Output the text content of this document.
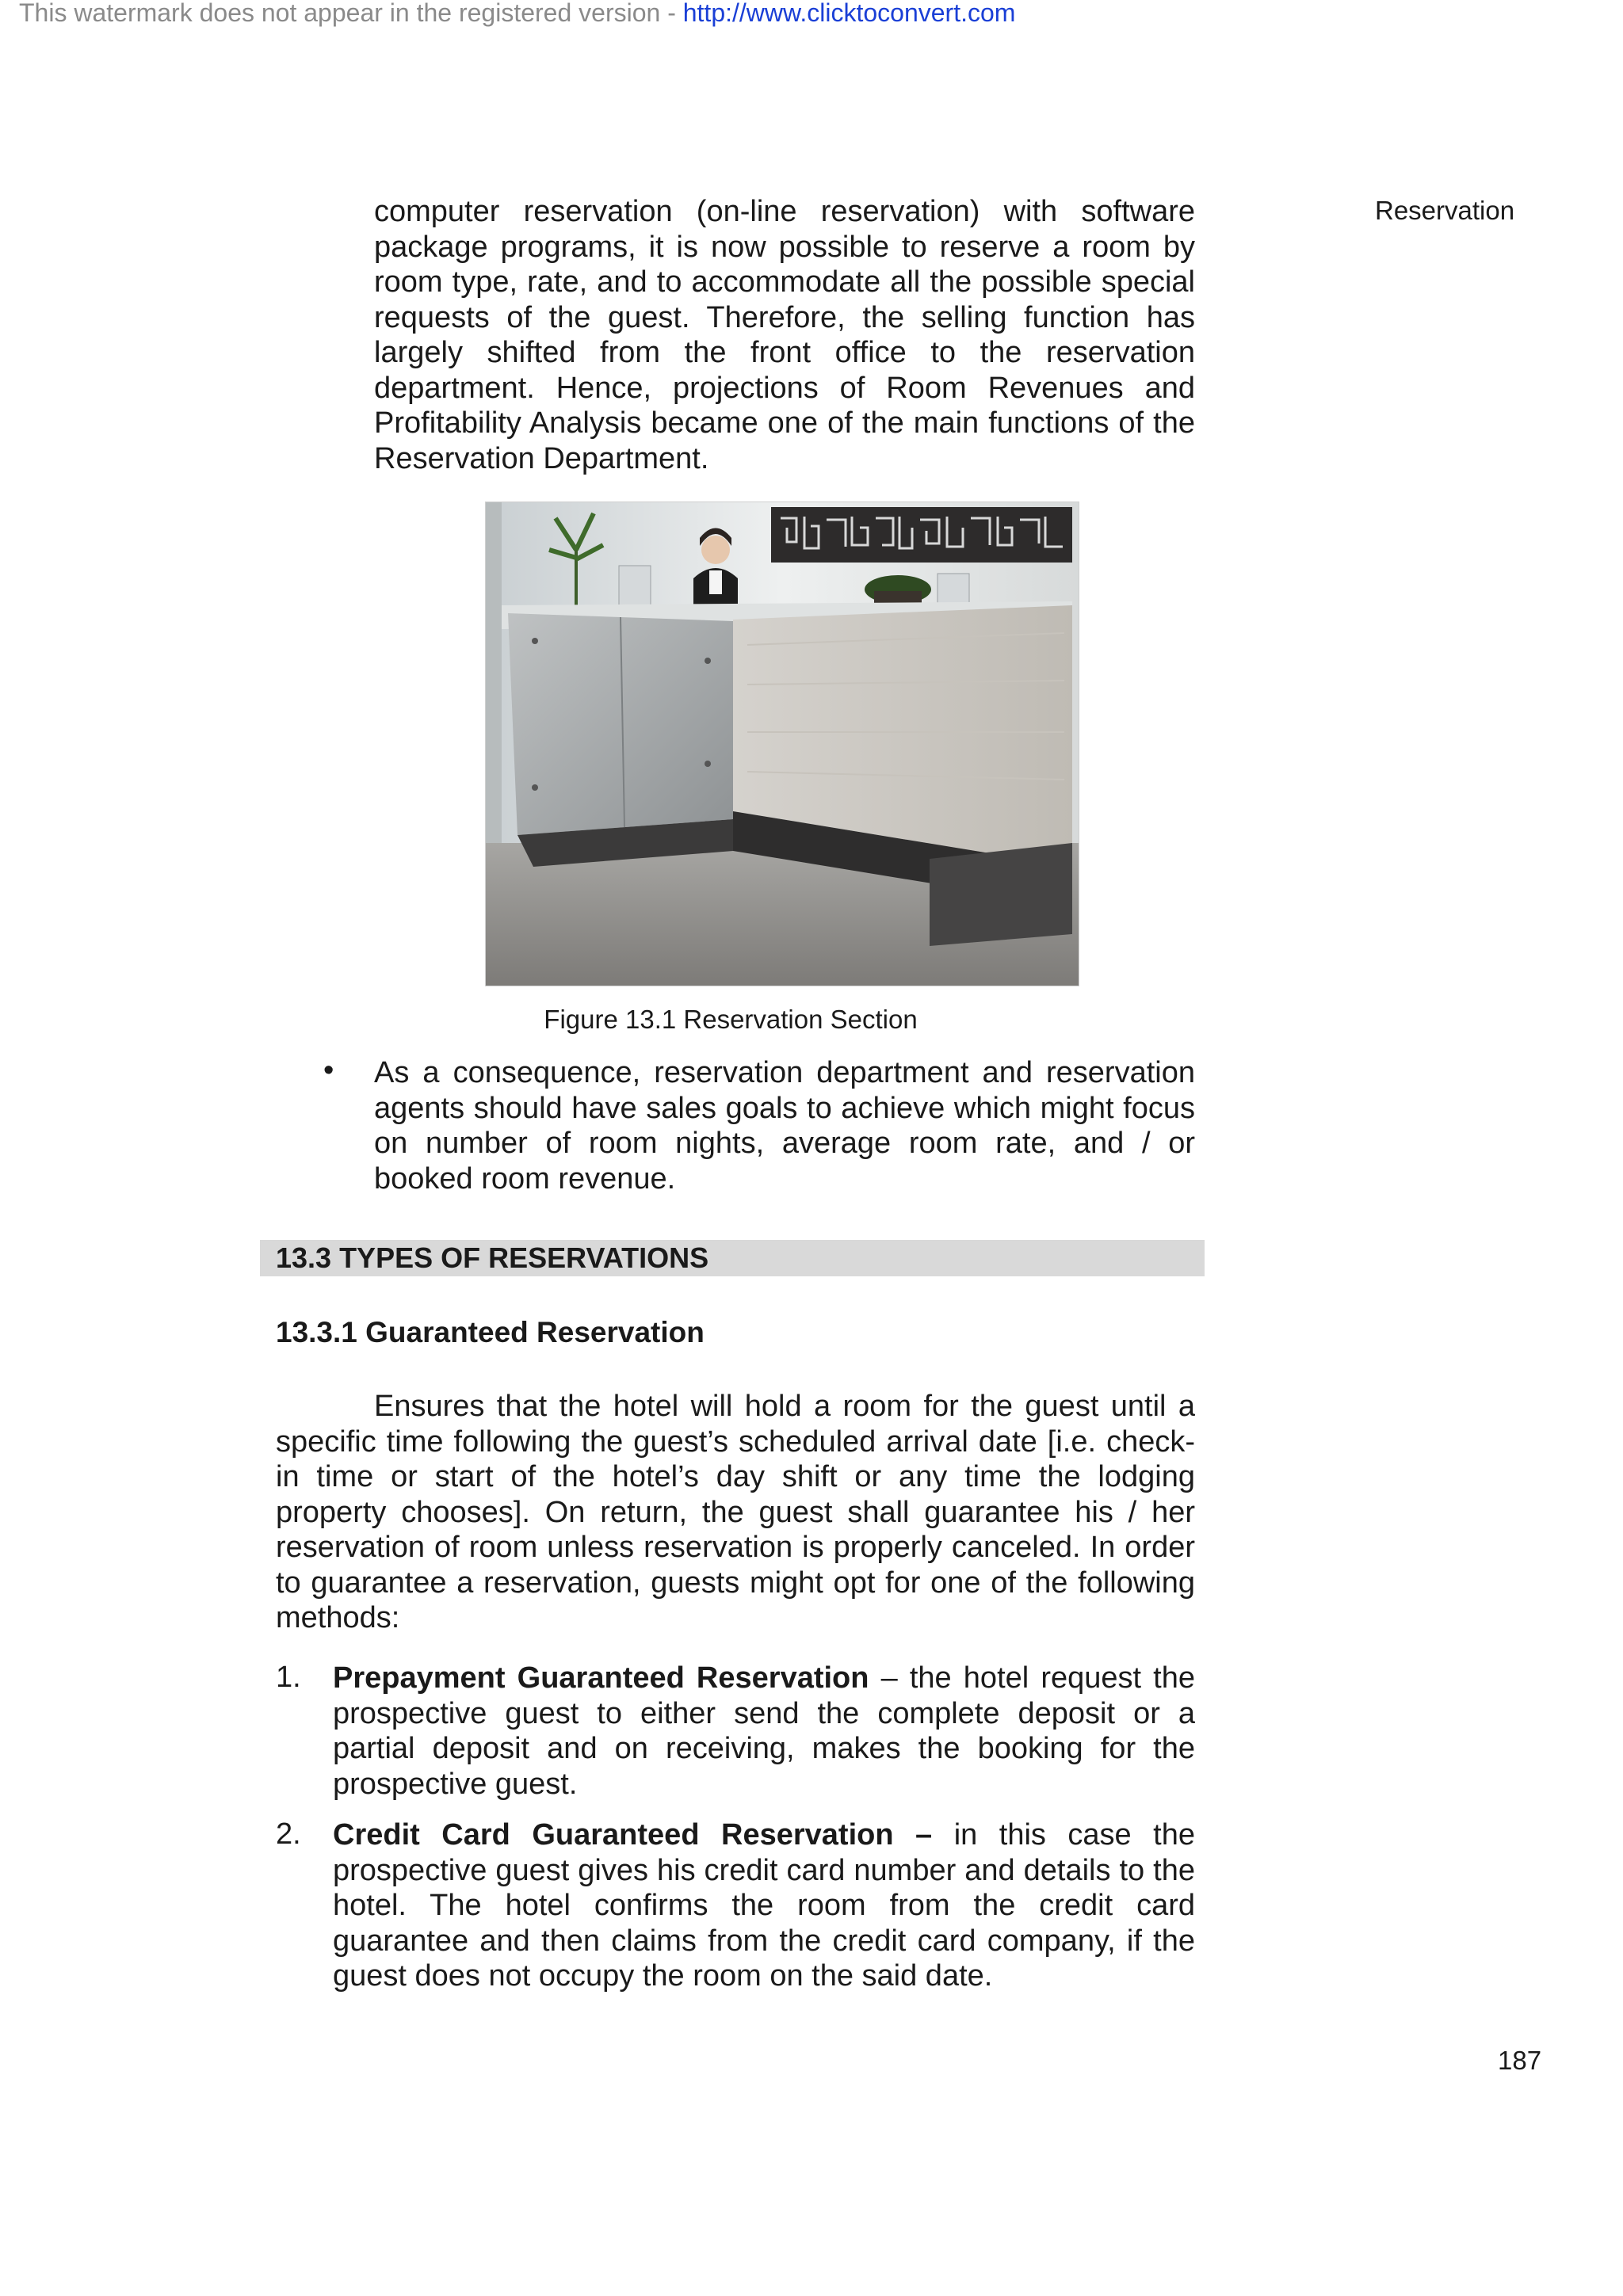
This watermark does not appear in the registered version - http://www.clicktoconvert.com
Reservation

computer reservation (on-line reservation) with software package programs, it is now possible to reserve a room by room type, rate, and to accommodate all the possible special requests of the guest. Therefore, the selling function has largely shifted from the front office to the reservation department. Hence, projections of Room Revenues and Profitability Analysis became one of the main functions of the Reservation Department.

Figure 13.1 Reservation Section
• As a consequence, reservation department and reservation agents should have sales goals to achieve which might focus on number of room nights, average room rate, and / or booked room revenue.

13.3 TYPES OF RESERVATIONS
13.3.1 Guaranteed Reservation

Ensures that the hotel will hold a room for the guest until a specific time following the guest’s scheduled arrival date [i.e. check-in time or start of the hotel’s day shift or any time the lodging property chooses]. On return, the guest shall guarantee his / her reservation of room unless reservation is properly canceled. In order to guarantee a reservation, guests might opt for one of the following methods:

1. Prepayment Guaranteed Reservation – the hotel request the prospective guest to either send the complete deposit or a partial deposit and on receiving, makes the booking for the prospective guest.

2. Credit Card Guaranteed Reservation – in this case the prospective guest gives his credit card number and details to the hotel. The hotel confirms the room from the credit card guarantee and then claims from the credit card company, if the guest does not occupy the room on the said date.

187
